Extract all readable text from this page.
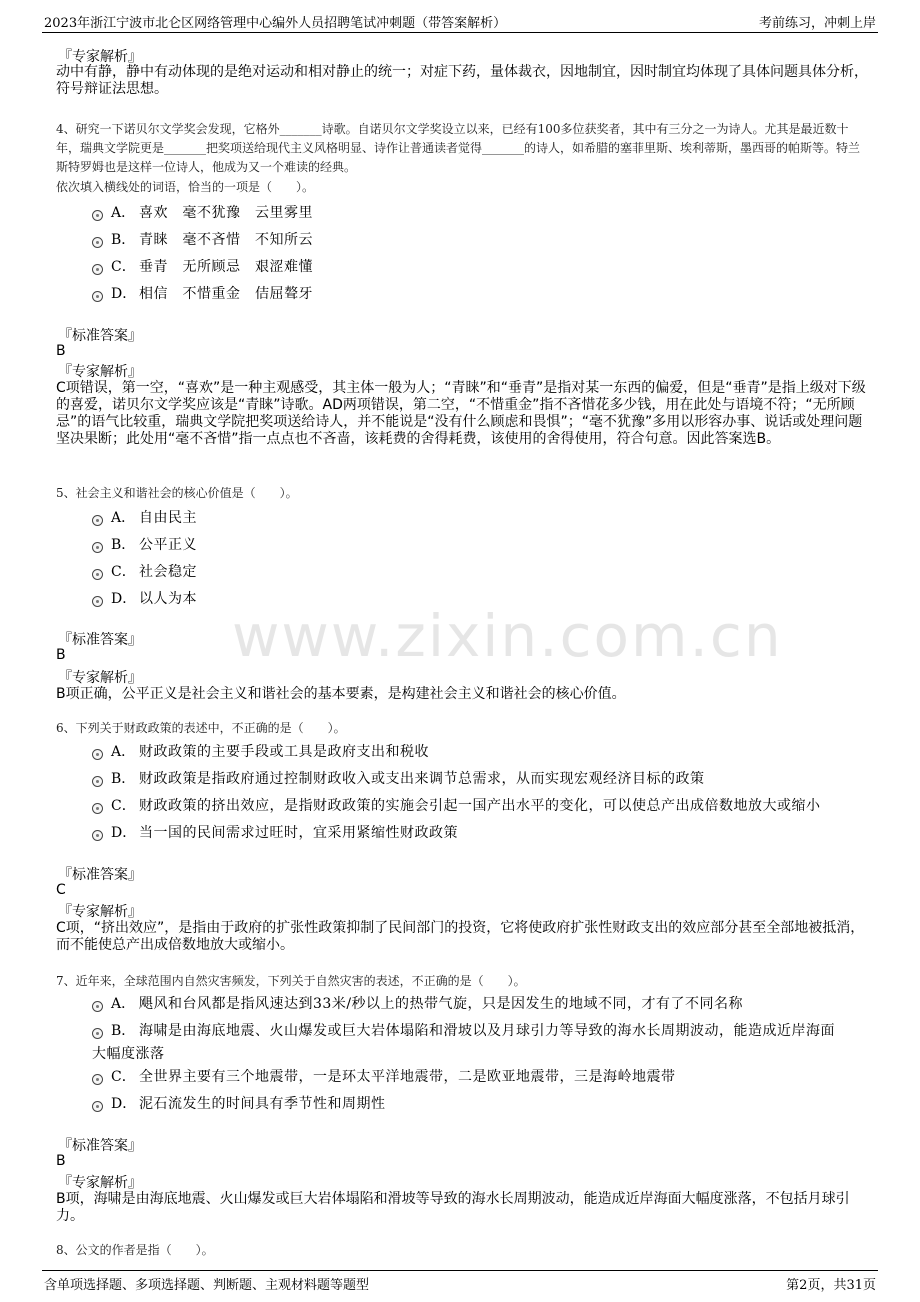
2023年浙江宁波市北仑区网络管理中心编外人员招聘笔试冲刺题（带答案解析）	考前练习，冲刺上岸
www.zixin.com.cn
『专家解析』
动中有静，静中有动体现的是绝对运动和相对静止的统一；对症下药，量体裁衣，因地制宜，因时制宜均体现了具体问题具体分析，符号辩证法思想。
4、研究一下诺贝尔文学奖会发现，它格外_______诗歌。自诺贝尔文学奖设立以来，已经有100多位获奖者，其中有三分之一为诗人。尤其是最近数十年，瑞典文学院更是_______把奖项送给现代主义风格明显、诗作让普通读者觉得_______的诗人，如希腊的塞菲里斯、埃利蒂斯，墨西哥的帕斯等。特兰斯特罗姆也是这样一位诗人，他成为又一个难读的经典。
依次填入横线处的词语，恰当的一项是（　　）。
A． 喜欢　毫不犹豫　云里雾里
B． 青睐　毫不吝惜　不知所云
C． 垂青　无所顾忌　艰涩难懂
D． 相信　不惜重金　佶屈聱牙
『标准答案』
B
『专家解析』
C项错误，第一空，“喜欢”是一种主观感受，其主体一般为人；“青睐”和“垂青”是指对某一东西的偏爱，但是“垂青”是指上级对下级的喜爱，诺贝尔文学奖应该是“青睐”诗歌。AD两项错误，第二空，“不惜重金”指不吝惜花多少钱，用在此处与语境不符；“无所顾忌”的语气比较重，瑞典文学院把奖项送给诗人，并不能说是“没有什么顾虑和畏惧”；“毫不犹豫”多用以形容办事、说话或处理问题坚决果断；此处用“毫不吝惜”指一点点也不吝啬，该耗费的舍得耗费，该使用的舍得使用，符合句意。因此答案选B。
5、社会主义和谐社会的核心价值是（　　）。
A． 自由民主
B． 公平正义
C． 社会稳定
D． 以人为本
『标准答案』
B
『专家解析』
B项正确，公平正义是社会主义和谐社会的基本要素，是构建社会主义和谐社会的核心价值。
6、下列关于财政政策的表述中，不正确的是（　　）。
A． 财政政策的主要手段或工具是政府支出和税收
B． 财政政策是指政府通过控制财政收入或支出来调节总需求，从而实现宏观经济目标的政策
C． 财政政策的挤出效应，是指财政政策的实施会引起一国产出水平的变化，可以使总产出成倍数地放大或缩小
D． 当一国的民间需求过旺时，宜采用紧缩性财政政策
『标准答案』
C
『专家解析』
C项，“挤出效应”，是指由于政府的扩张性政策抑制了民间部门的投资，它将使政府扩张性财政支出的效应部分甚至全部地被抵消，而不能使总产出成倍数地放大或缩小。
7、近年来，全球范围内自然灾害频发，下列关于自然灾害的表述，不正确的是（　　）。
A． 飓风和台风都是指风速达到33米/秒以上的热带气旋，只是因发生的地域不同，才有了不同名称
B． 海啸是由海底地震、火山爆发或巨大岩体塌陷和滑坡以及月球引力等导致的海水长周期波动，能造成近岸海面
大幅度涨落
C． 全世界主要有三个地震带，一是环太平洋地震带，二是欧亚地震带，三是海岭地震带
D． 泥石流发生的时间具有季节性和周期性
『标准答案』
B
『专家解析』
B项，海啸是由海底地震、火山爆发或巨大岩体塌陷和滑坡等导致的海水长周期波动，能造成近岸海面大幅度涨落，不包括月球引力。
8、公文的作者是指（　　）。
含单项选择题、多项选择题、判断题、主观材料题等题型	第2页，共31页
